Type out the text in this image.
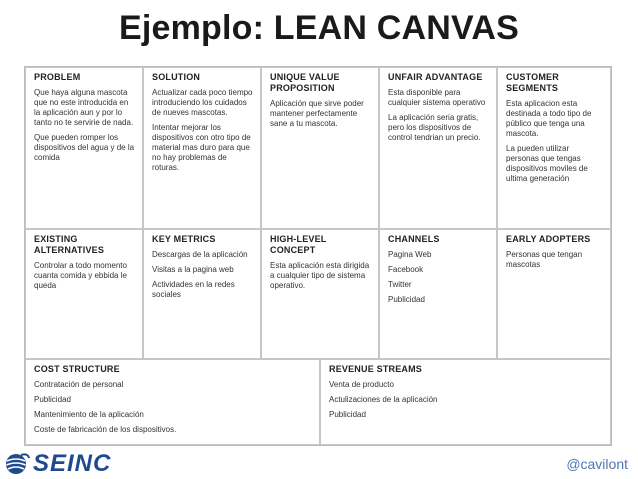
Ejemplo: LEAN CANVAS
PROBLEM

Que haya alguna mascota que no este introducida en la aplicación aun y por lo tanto no te servirie de nada.

Que pueden romper los dispositivos del agua y de la comida

SOLUTION

Actualizar cada poco tiempo introduciendo los cuidados de nueves mascotas.

Intentar mejorar los dispositivos con otro tipo de material mas duro para que no hay problemas de roturas.

UNIQUE VALUE PROPOSITION

Aplicación que sirve poder mantener perfectamente sane a tu mascota.

UNFAIR ADVANTAGE

Esta disponible para cualquier sistema operativo

La aplicación seria gratis, pero los dispositivos de control tendrian un precio.

CUSTOMER SEGMENTS

Esta aplicacion esta destinada a todo tipo de público que tenga una mascota.

La pueden utilizar personas que tengas dispositivos moviles de ultima generación

EXISTING ALTERNATIVES

Controlar a todo momento cuanta comida y ebbida le queda

KEY METRICS

Descargas de la aplicación

Visitas a la pagina web

Actividades en la redes sociales

HIGH-LEVEL CONCEPT

Esta aplicación esta dirigida a cualquier tipo de sistema operativo.

CHANNELS

Pagina Web

Facebook

Twitter

Publicidad

EARLY ADOPTERS

Personas que tengan mascotas

COST STRUCTURE

Contratación de personal

Publicidad

Mantenimiento de la aplicación

Coste de fabricación de los dispositivos.

REVENUE STREAMS

Venta de producto

Actulizaciones de la aplicación

Publicidad

SEINC	@cavilont
